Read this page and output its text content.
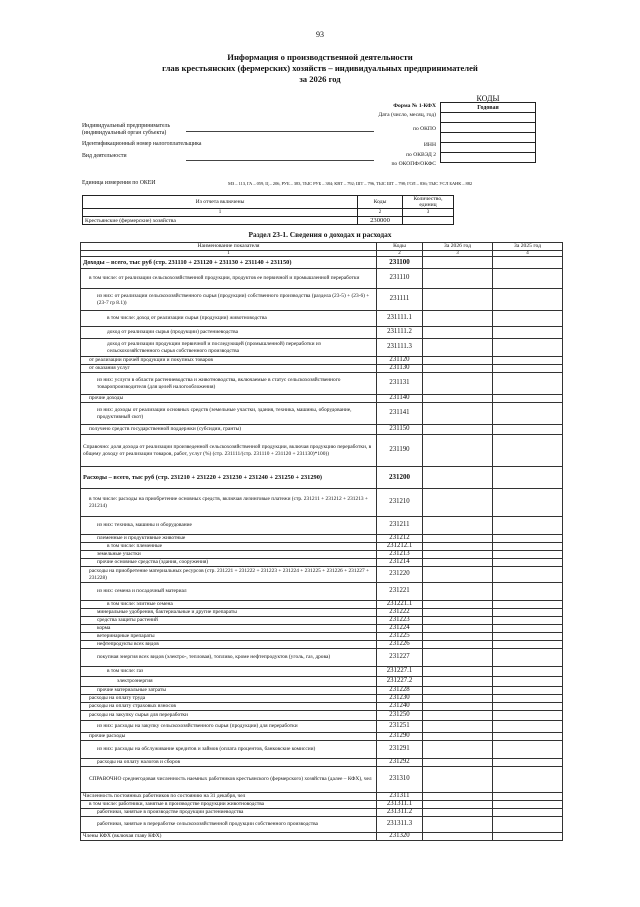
93
Информация о производственной деятельности
глав крестьянских (фермерских) хозяйств – индивидуальных предпринимателей
за 2026 год
КОДЫ
Годовая

Форма № 1-КФХ
Дата (число, месяц, год)
по ОКПО
ИНН
по ОКВЭД 2
по ОКОПФ/ОКФС
Индивидуальный предприниматель
(индивидуальный орган субъекта)
Идентификационный номер налогоплательщика
Вид деятельности
Единица измерения по ОКЕИ	МЗ – 113, ГА – 059, Ц – 206, РУБ – 383, ТЫС РУБ – 384; КВТ – 792; ШТ – 796, ТЫС ШТ – 798; ГОЛ – 836; ТЫС УСЛ БАНК – 882
Из отчета включены	Коды	Количество, единиц
1	2	3
Крестьянские (фермерские) хозяйства	230000	
Раздел 23-1. Сведения о доходах и расходах
Наименование показателя	Коды	За 2026 год	За 2025 год
1	2	3	4
Доходы – всего, тыс руб (стр. 231110 + 231120 + 231130 + 231140 + 231150)	231100		
в том числе: от реализации сельскохозяйственной продукции, продуктов ее первичной и промышленной переработки	231110		
из них: от реализации сельскохозяйственного сырья (продукции) собственного производства (раздела (23-5) + (23-6) + (23-7 гр 8.1))	231111		
в том числе: доход от реализации сырья (продукции) животноводства	231111.1		
доход от реализации сырья (продукции) растениеводства	231111.2		
доход от реализации продукции первичной и последующей (промышленной) переработки из сельскохозяйственного сырья собственного производства	231111.3		
от реализации прочей продукции и покупных товаров	231120		
от оказания услуг	231130		
из них: услуги в области растениеводства и животноводства, включаемые в статус сельскохозяйственного товаропроизводителя (для целей налогообложения)	231131		
прочие доходы	231140		
из них: доходы от реализации основных средств (земельные участки, здания, техника, машины, оборудование, продуктивный скот)	231141		
получено средств государственной поддержки (субсидии, гранты)	231150		
Справочно: доля дохода от реализации произведенной сельскохозяйственной продукции, включая продукцию переработки, в общему доходу от реализации товаров, работ, услуг (%) (стр. 231111/(стр. 231110 + 231120 + 231130)*100))	231190		
Расходы – всего, тыс руб (стр. 231210 + 231220 + 231230 + 231240 + 231250 + 231290)	231200		
в том числе: расходы на приобретение основных средств, включая лизинговые платежи (стр. 231211 + 231212 + 231213 + 231214)	231210		
из них: техника, машины и оборудование	231211		
племенные и продуктивные животные	231212		
в том числе: племенные	231212.1		
земельные участки	231213		
прочие основные средства (здания, сооружения)	231214		
расходы на приобретение материальных ресурсов (стр. 231221 + 231222 + 231223 + 231224 + 231225 + 231226 + 231227 + 231228)	231220		
из них: семена и посадочный материал	231221		
в том числе: элитные семена	231221.1		
минеральные удобрения, бактериальные и другие препараты	231222		
средства защиты растений	231223		
корма	231224		
ветеринарные препараты	231225		
нефтепродукты всех видов	231226		
покупная энергия всех видов (электро-, тепловая), топливо, кроме нефтепродуктов (уголь, газ, дрова)	231227		
в том числе: газ	231227.1		
электроэнергия	231227.2		
прочие материальные затраты	231228		
расходы на оплату труда	231230		
расходы на оплату страховых взносов	231240		
расходы на закупку сырья для переработки	231250		
из них: расходы на закупку сельскохозяйственного сырья (продукции) для переработки	231251		
прочие расходы	231290		
из них: расходы на обслуживание кредитов и займов (оплата процентов, банковские комиссии)	231291		
расходы на оплату налогов и сборов	231292		
СПРАВОЧНО среднегодовая численность наемных работников крестьянского (фермерского) хозяйства (далее – КФХ), чел	231310		
Численность постоянных работников по состоянию на 31 декабря, чел	231311		
в том числе: работники, занятые в производстве продукции животноводства	231311.1		
работники, занятые в производстве продукции растениеводства	231311.2		
работники, занятые в переработке сельскохозяйственной продукции собственного производства	231311.3		
Члены КФХ (включая главу КФХ)	231320		
